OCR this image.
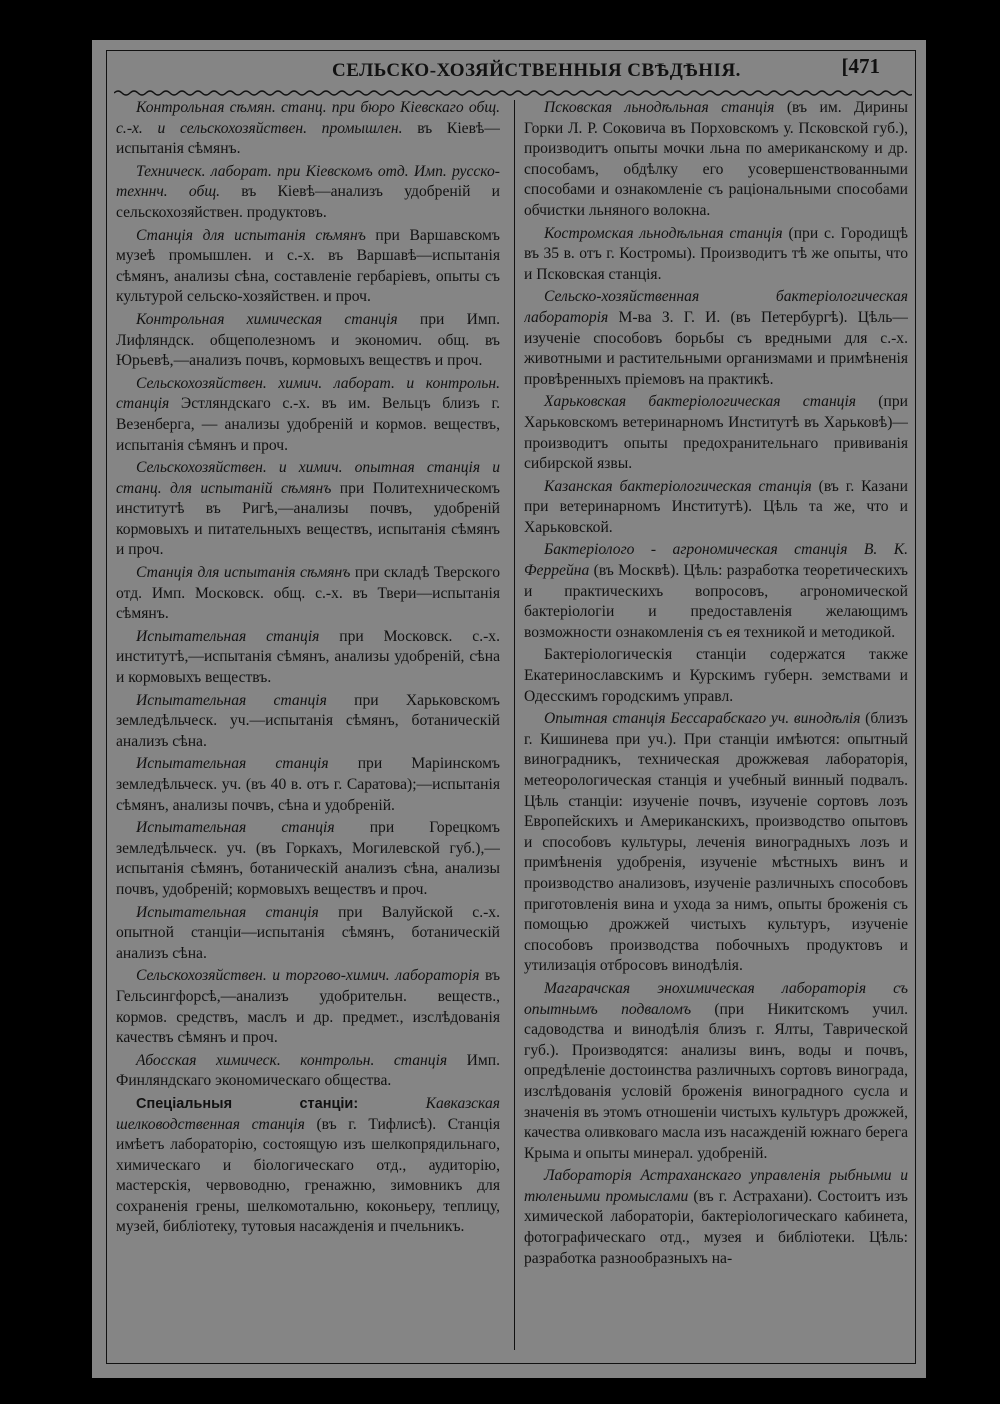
СЕЛЬСКО-ХОЗЯЙСТВЕННЫЯ СВѢДѢНІЯ.	[471

Контрольная сѣмян. станц. при бюро Кіевскаго общ. с.-х. и сельскохозяйствен. промышлен. въ Кіевѣ—испытанія сѣмянъ.

Техническ. лаборат. при Кіевскомъ отд. Имп. русско-техннч. общ. въ Кіевѣ—анализъ удобреній и сельскохозяйствен. продуктовъ.

Станція для испытанія сѣмянъ при Варшавскомъ музеѣ промышлен. и с.-х. въ Варшавѣ—испытанія сѣмянъ, анализы сѣна, составленіе гербаріевъ, опыты съ культурой сельско-хозяйствен. и проч.

Контрольная химическая станція при Имп. Лифляндск. общеполезномъ и экономич. общ. въ Юрьевѣ,—анализъ почвъ, кормовыхъ веществъ и проч.

Сельскохозяйствен. химич. лаборат. и контрольн. станція Эстляндскаго с.-х. въ им. Вельцъ близъ г. Везенберга, — анализы удобреній и кормов. веществъ, испытанія сѣмянъ и проч.

Сельскохозяйствен. и химич. опытная станція и станц. для испытаній сѣмянъ при Политехническомъ институтѣ въ Ригѣ,—анализы почвъ, удобреній кормовыхъ и питательныхъ веществъ, испытанія сѣмянъ и проч.

Станція для испытанія сѣмянъ при складѣ Тверского отд. Имп. Московск. общ. с.-х. въ Твери—испытанія сѣмянъ.

Испытательная станція при Московск. с.-х. институтѣ,—испытанія сѣмянъ, анализы удобреній, сѣна и кормовыхъ веществъ.

Испытательная станція при Харьковскомъ земледѣльческ. уч.—испытанія сѣмянъ, ботаническій анализъ сѣна.

Испытательная станція при Маріинскомъ земледѣльческ. уч. (въ 40 в. отъ г. Саратова);—испытанія сѣмянъ, анализы почвъ, сѣна и удобреній.

Испытательная станція при Горецкомъ земледѣльческ. уч. (въ Горкахъ, Могилевской губ.),—испытанія сѣмянъ, ботаническій анализъ сѣна, анализы почвъ, удобреній; кормовыхъ веществъ и проч.

Испытательная станція при Валуйской с.-х. опытной станціи—испытанія сѣмянъ, ботаническій анализъ сѣна.

Сельскохозяйствен. и торгово-химич. лабораторія въ Гельсингфорсѣ,—анализъ удобрительн. веществ., кормов. средствъ, маслъ и др. предмет., изслѣдованія качествъ сѣмянъ и проч.

Абосская химическ. контрольн. станція Имп. Финляндскаго экономическаго общества.

Спеціальныя станціи: Кавказская шелководственная станція (въ г. Тифлисѣ). Станція имѣетъ лабораторію, состоящую изъ шелкопрядильнаго, химическаго и біологическаго отд., аудиторію, мастерскія, червоводню, гренажню, зимовникъ для сохраненія грены, шелкомотальню, коконьеру, теплицу, музей, библіотеку, тутовыя насажденія и пчельникъ.

Псковская льнодѣльная станція (въ им. Дирины Горки Л. Р. Соковича въ Порховскомъ у. Псковской губ.), производитъ опыты мочки льна по американскому и др. способамъ, обдѣлку его усовершенствованными способами и ознакомленіе съ раціональными способами обчистки льняного волокна.

Костромская льнодѣльная станція (при с. Городищѣ въ 35 в. отъ г. Костромы). Производитъ тѣ же опыты, что и Псковская станція.

Сельско-хозяйственная бактеріологическая лабораторія М-ва З. Г. И. (въ Петербургѣ). Цѣль—изученіе способовъ борьбы съ вредными для с.-х. животными и растительными организмами и примѣненія провѣренныхъ пріемовъ на практикѣ.

Харьковская бактеріологическая станція (при Харьковскомъ ветеринарномъ Институтѣ въ Харьковѣ)—производитъ опыты предохранительнаго прививанія сибирской язвы.

Казанская бактеріологическая станція (въ г. Казани при ветеринарномъ Институтѣ). Цѣль та же, что и Харьковской.

Бактеріолого - агрономическая станція В. К. Феррейна (въ Москвѣ). Цѣль: разработка теоретическихъ и практическихъ вопросовъ, агрономической бактеріологіи и предоставленія желающимъ возможности ознакомленія съ ея техникой и методикой.

Бактеріологическія станціи содержатся также Екатеринославскимъ и Курскимъ губерн. земствами и Одесскимъ городскимъ управл.

Опытная станція Бессарабскаго уч. винодѣлія (близъ г. Кишинева при уч.). При станціи имѣются: опытный виноградникъ, техническая дрожжевая лабораторія, метеорологическая станція и учебный винный подвалъ. Цѣль станціи: изученіе почвъ, изученіе сортовъ лозъ Европейскихъ и Американскихъ, производство опытовъ и способовъ культуры, леченія виноградныхъ лозъ и примѣненія удобренія, изученіе мѣстныхъ винъ и производство анализовъ, изученіе различныхъ способовъ приготовленія вина и ухода за нимъ, опыты броженія съ помощью дрожжей чистыхъ культуръ, изученіе способовъ производства побочныхъ продуктовъ и утилизація отбросовъ винодѣлія.

Магарачская энохимическая лабораторія съ опытнымъ подваломъ (при Никитскомъ учил. садоводства и винодѣлія близъ г. Ялты, Таврической губ.). Производятся: анализы винъ, воды и почвъ, опредѣленіе достоинства различныхъ сортовъ винограда, изслѣдованія условій броженія виноградного сусла и значенія въ этомъ отношеніи чистыхъ культуръ дрожжей, качества оливковаго масла изъ насажденій южнаго берега Крыма и опыты минерал. удобреній.

Лабораторія Астраханскаго управленія рыбными и тюленьими промыслами (въ г. Астрахани). Состоитъ изъ химической лабораторіи, бактеріологическаго кабинета, фотографическаго отд., музея и библіотеки. Цѣль: разработка разнообразныхъ на-
